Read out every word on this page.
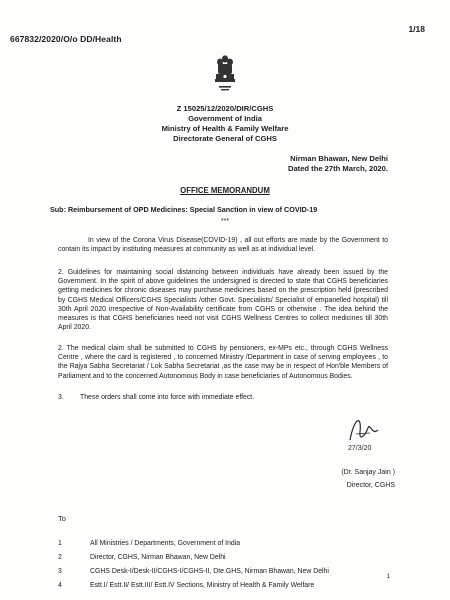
667832/2020/O/o DD/Health
1/18
Z 15025/12/2020/DIR/CGHS
Government of India
Ministry of Health & Family Welfare
Directorate General of CGHS
Nirman Bhawan, New Delhi
Dated the 27th March, 2020.
OFFICE MEMORANDUM
Sub: Reimbursement of OPD Medicines: Special Sanction in view of COVID-19
***
In view of the Corona Virus Disease(COVID-19) , all out efforts are made by the Government to contain its impact by instituting measures at community as well as at individual level.
2. Guidelines for maintaining social distancing between individuals have already been issued by the Government. In the spirit of above guidelines the undersigned is directed to state that CGHS beneficiaries getting medicines for chronic diseases may purchase medicines based on the prescription held (prescribed by CGHS Medical Officers/CGHS Specialists /other Govt. Specialists/ Specialist of empanelled hospital) till 30th April 2020 irrespective of Non-Availability certificate from CGHS or otherwise . The idea behind the measures is that CGHS beneficiaries need not visit CGHS Wellness Centres to collect medicines till 30th April 2020.
2. The medical claim shall be submitted to CGHS by pensioners, ex-MPs etc., through CGHS Wellness Centre , where the card is registered , to concerned Ministry /Department in case of serving employees , to the Rajya Sabha Secretariat / Lok Sabha Secretariat ,as the case may be in respect of Hon'ble Members of Parliament and to the concerned Autonomous Body in case beneficiaries of Autonomous Bodies.
3. These orders shall come into force with immediate effect.
27/3/20
(Dr. Sanjay Jain )
Director, CGHS
To
1	All Ministries / Departments, Government of India
2	Director, CGHS, Nirman Bhawan, New Delhi
3	CGHS Desk-I/Desk-II/CGHS-I/CGHS-II, Dte.GHS, Nirman Bhawan, New Delhi
4	Estt.I/ Estt.II/ Estt.III/ Estt.IV Sections, Ministry of Health & Family Welfare
1
